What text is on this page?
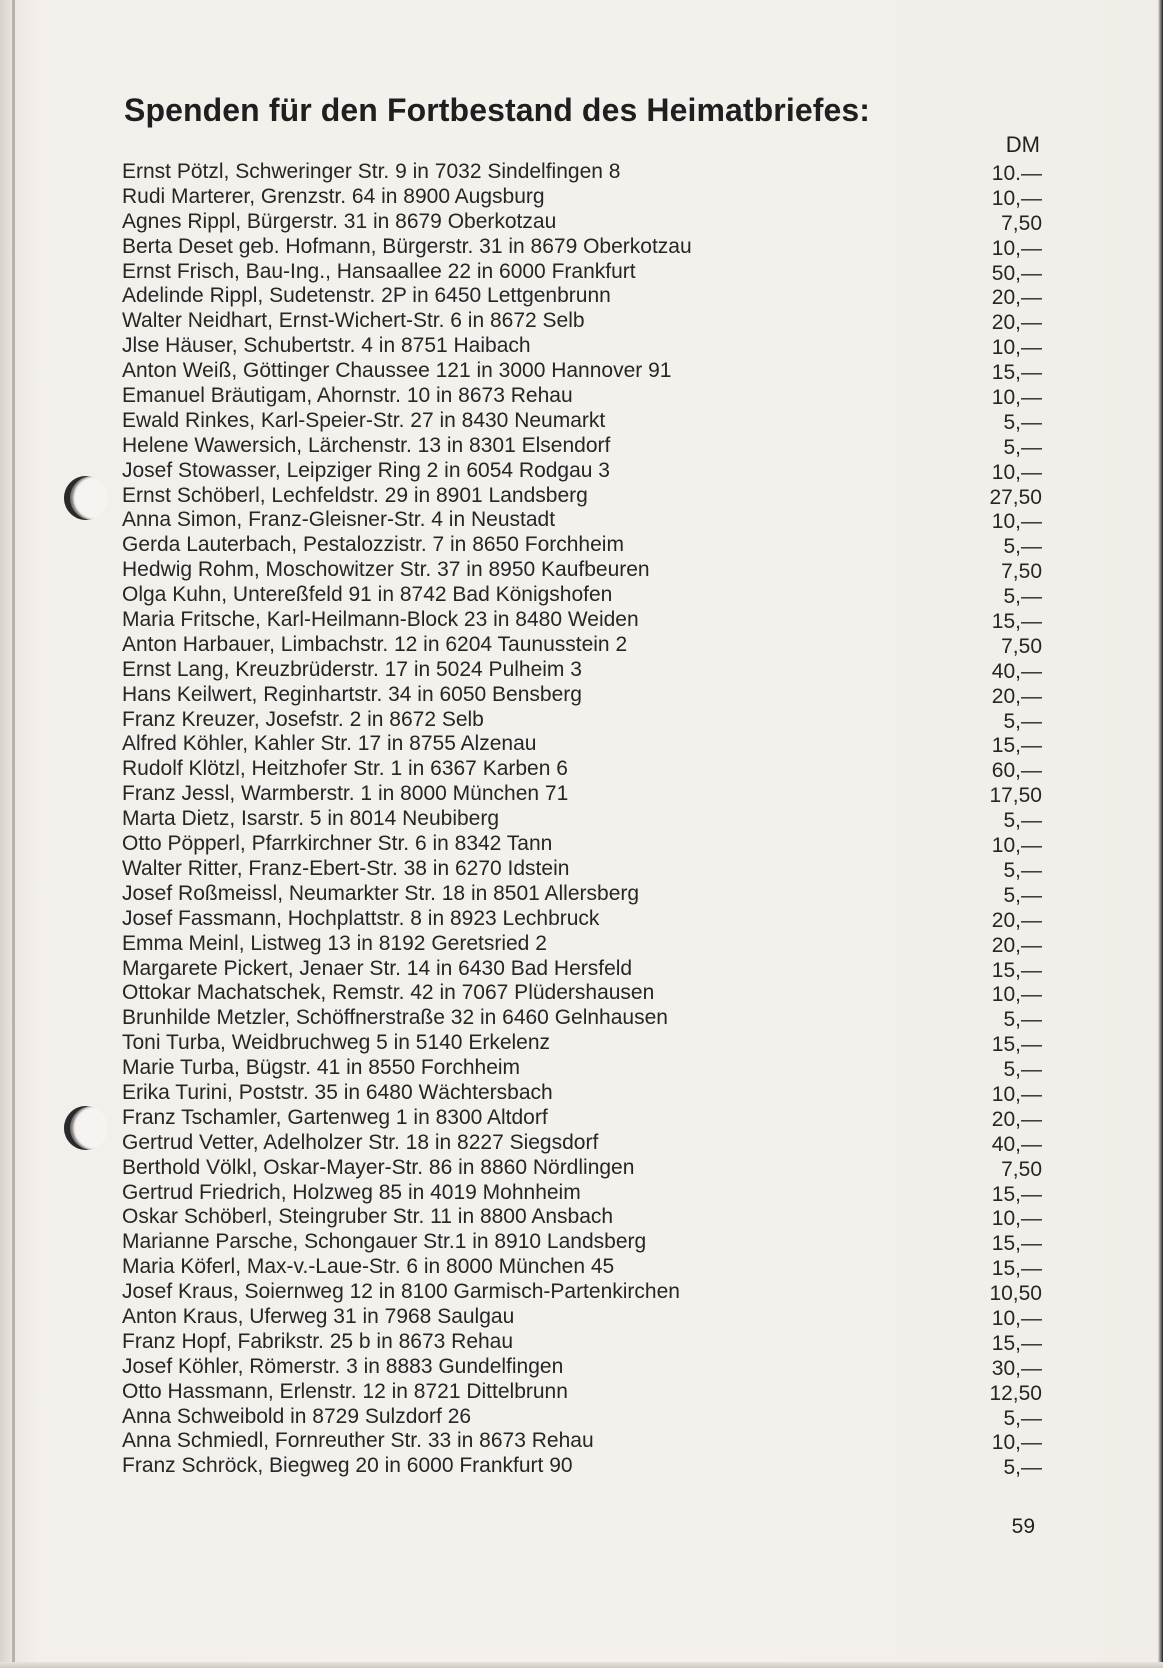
Spenden für den Fortbestand des Heimatbriefes:
DM
Ernst Pötzl, Schweringer Str. 9 in 7032 Sindelfingen 8	10.—
Rudi Marterer, Grenzstr. 64 in 8900 Augsburg	10,—
Agnes Rippl, Bürgerstr. 31 in 8679 Oberkotzau	7,50
Berta Deset geb. Hofmann, Bürgerstr. 31 in 8679 Oberkotzau	10,—
Ernst Frisch, Bau-Ing., Hansaallee 22 in 6000 Frankfurt	50,—
Adelinde Rippl, Sudetenstr. 2P in 6450 Lettgenbrunn	20,—
Walter Neidhart, Ernst-Wichert-Str. 6 in 8672 Selb	20,—
Jlse Häuser, Schubertstr. 4 in 8751 Haibach	10,—
Anton Weiß, Göttinger Chaussee 121 in 3000 Hannover 91	15,—
Emanuel Bräutigam, Ahornstr. 10 in 8673 Rehau	10,—
Ewald Rinkes, Karl-Speier-Str. 27 in 8430 Neumarkt	5,—
Helene Wawersich, Lärchenstr. 13 in 8301 Elsendorf	5,—
Josef Stowasser, Leipziger Ring 2 in 6054 Rodgau 3	10,—
Ernst Schöberl, Lechfeldstr. 29 in 8901 Landsberg	27,50
Anna Simon, Franz-Gleisner-Str. 4 in Neustadt	10,—
Gerda Lauterbach, Pestalozzistr. 7 in 8650 Forchheim	5,—
Hedwig Rohm, Moschowitzer Str. 37 in 8950 Kaufbeuren	7,50
Olga Kuhn, Untereßfeld 91 in 8742 Bad Königshofen	5,—
Maria Fritsche, Karl-Heilmann-Block 23 in 8480 Weiden	15,—
Anton Harbauer, Limbachstr. 12 in 6204 Taunusstein 2	7,50
Ernst Lang, Kreuzbrüderstr. 17 in 5024 Pulheim 3	40,—
Hans Keilwert, Reginhartstr. 34 in 6050 Bensberg	20,—
Franz Kreuzer, Josefstr. 2 in 8672 Selb	5,—
Alfred Köhler, Kahler Str. 17 in 8755 Alzenau	15,—
Rudolf Klötzl, Heitzhofer Str. 1 in 6367 Karben 6	60,—
Franz Jessl, Warmberstr. 1 in 8000 München 71	17,50
Marta Dietz, Isarstr. 5 in 8014 Neubiberg	5,—
Otto Pöpperl, Pfarrkirchner Str. 6 in 8342 Tann	10,—
Walter Ritter, Franz-Ebert-Str. 38 in 6270 Idstein	5,—
Josef Roßmeissl, Neumarkter Str. 18 in 8501 Allersberg	5,—
Josef Fassmann, Hochplattstr. 8 in 8923 Lechbruck	20,—
Emma Meinl, Listweg 13 in 8192 Geretsried 2	20,—
Margarete Pickert, Jenaer Str. 14 in 6430 Bad Hersfeld	15,—
Ottokar Machatschek, Remstr. 42 in 7067 Plüdershausen	10,—
Brunhilde Metzler, Schöffnerstraße 32 in 6460 Gelnhausen	5,—
Toni Turba, Weidbruchweg 5 in 5140 Erkelenz	15,—
Marie Turba, Bügstr. 41 in 8550 Forchheim	5,—
Erika Turini, Poststr. 35 in 6480 Wächtersbach	10,—
Franz Tschamler, Gartenweg 1 in 8300 Altdorf	20,—
Gertrud Vetter, Adelholzer Str. 18 in 8227 Siegsdorf	40,—
Berthold Völkl, Oskar-Mayer-Str. 86 in 8860 Nördlingen	7,50
Gertrud Friedrich, Holzweg 85 in 4019 Mohnheim	15,—
Oskar Schöberl, Steingruber Str. 11 in 8800 Ansbach	10,—
Marianne Parsche, Schongauer Str.1 in 8910 Landsberg	15,—
Maria Köferl, Max-v.-Laue-Str. 6 in 8000 München 45	15,—
Josef Kraus, Soiernweg 12 in 8100 Garmisch-Partenkirchen	10,50
Anton Kraus, Uferweg 31 in 7968 Saulgau	10,—
Franz Hopf, Fabrikstr. 25 b in 8673 Rehau	15,—
Josef Köhler, Römerstr. 3 in 8883 Gundelfingen	30,—
Otto Hassmann, Erlenstr. 12 in 8721 Dittelbrunn	12,50
Anna Schweibold in 8729 Sulzdorf 26	5,—
Anna Schmiedl, Fornreuther Str. 33 in 8673 Rehau	10,—
Franz Schröck, Biegweg 20 in 6000 Frankfurt 90	5,—
59
